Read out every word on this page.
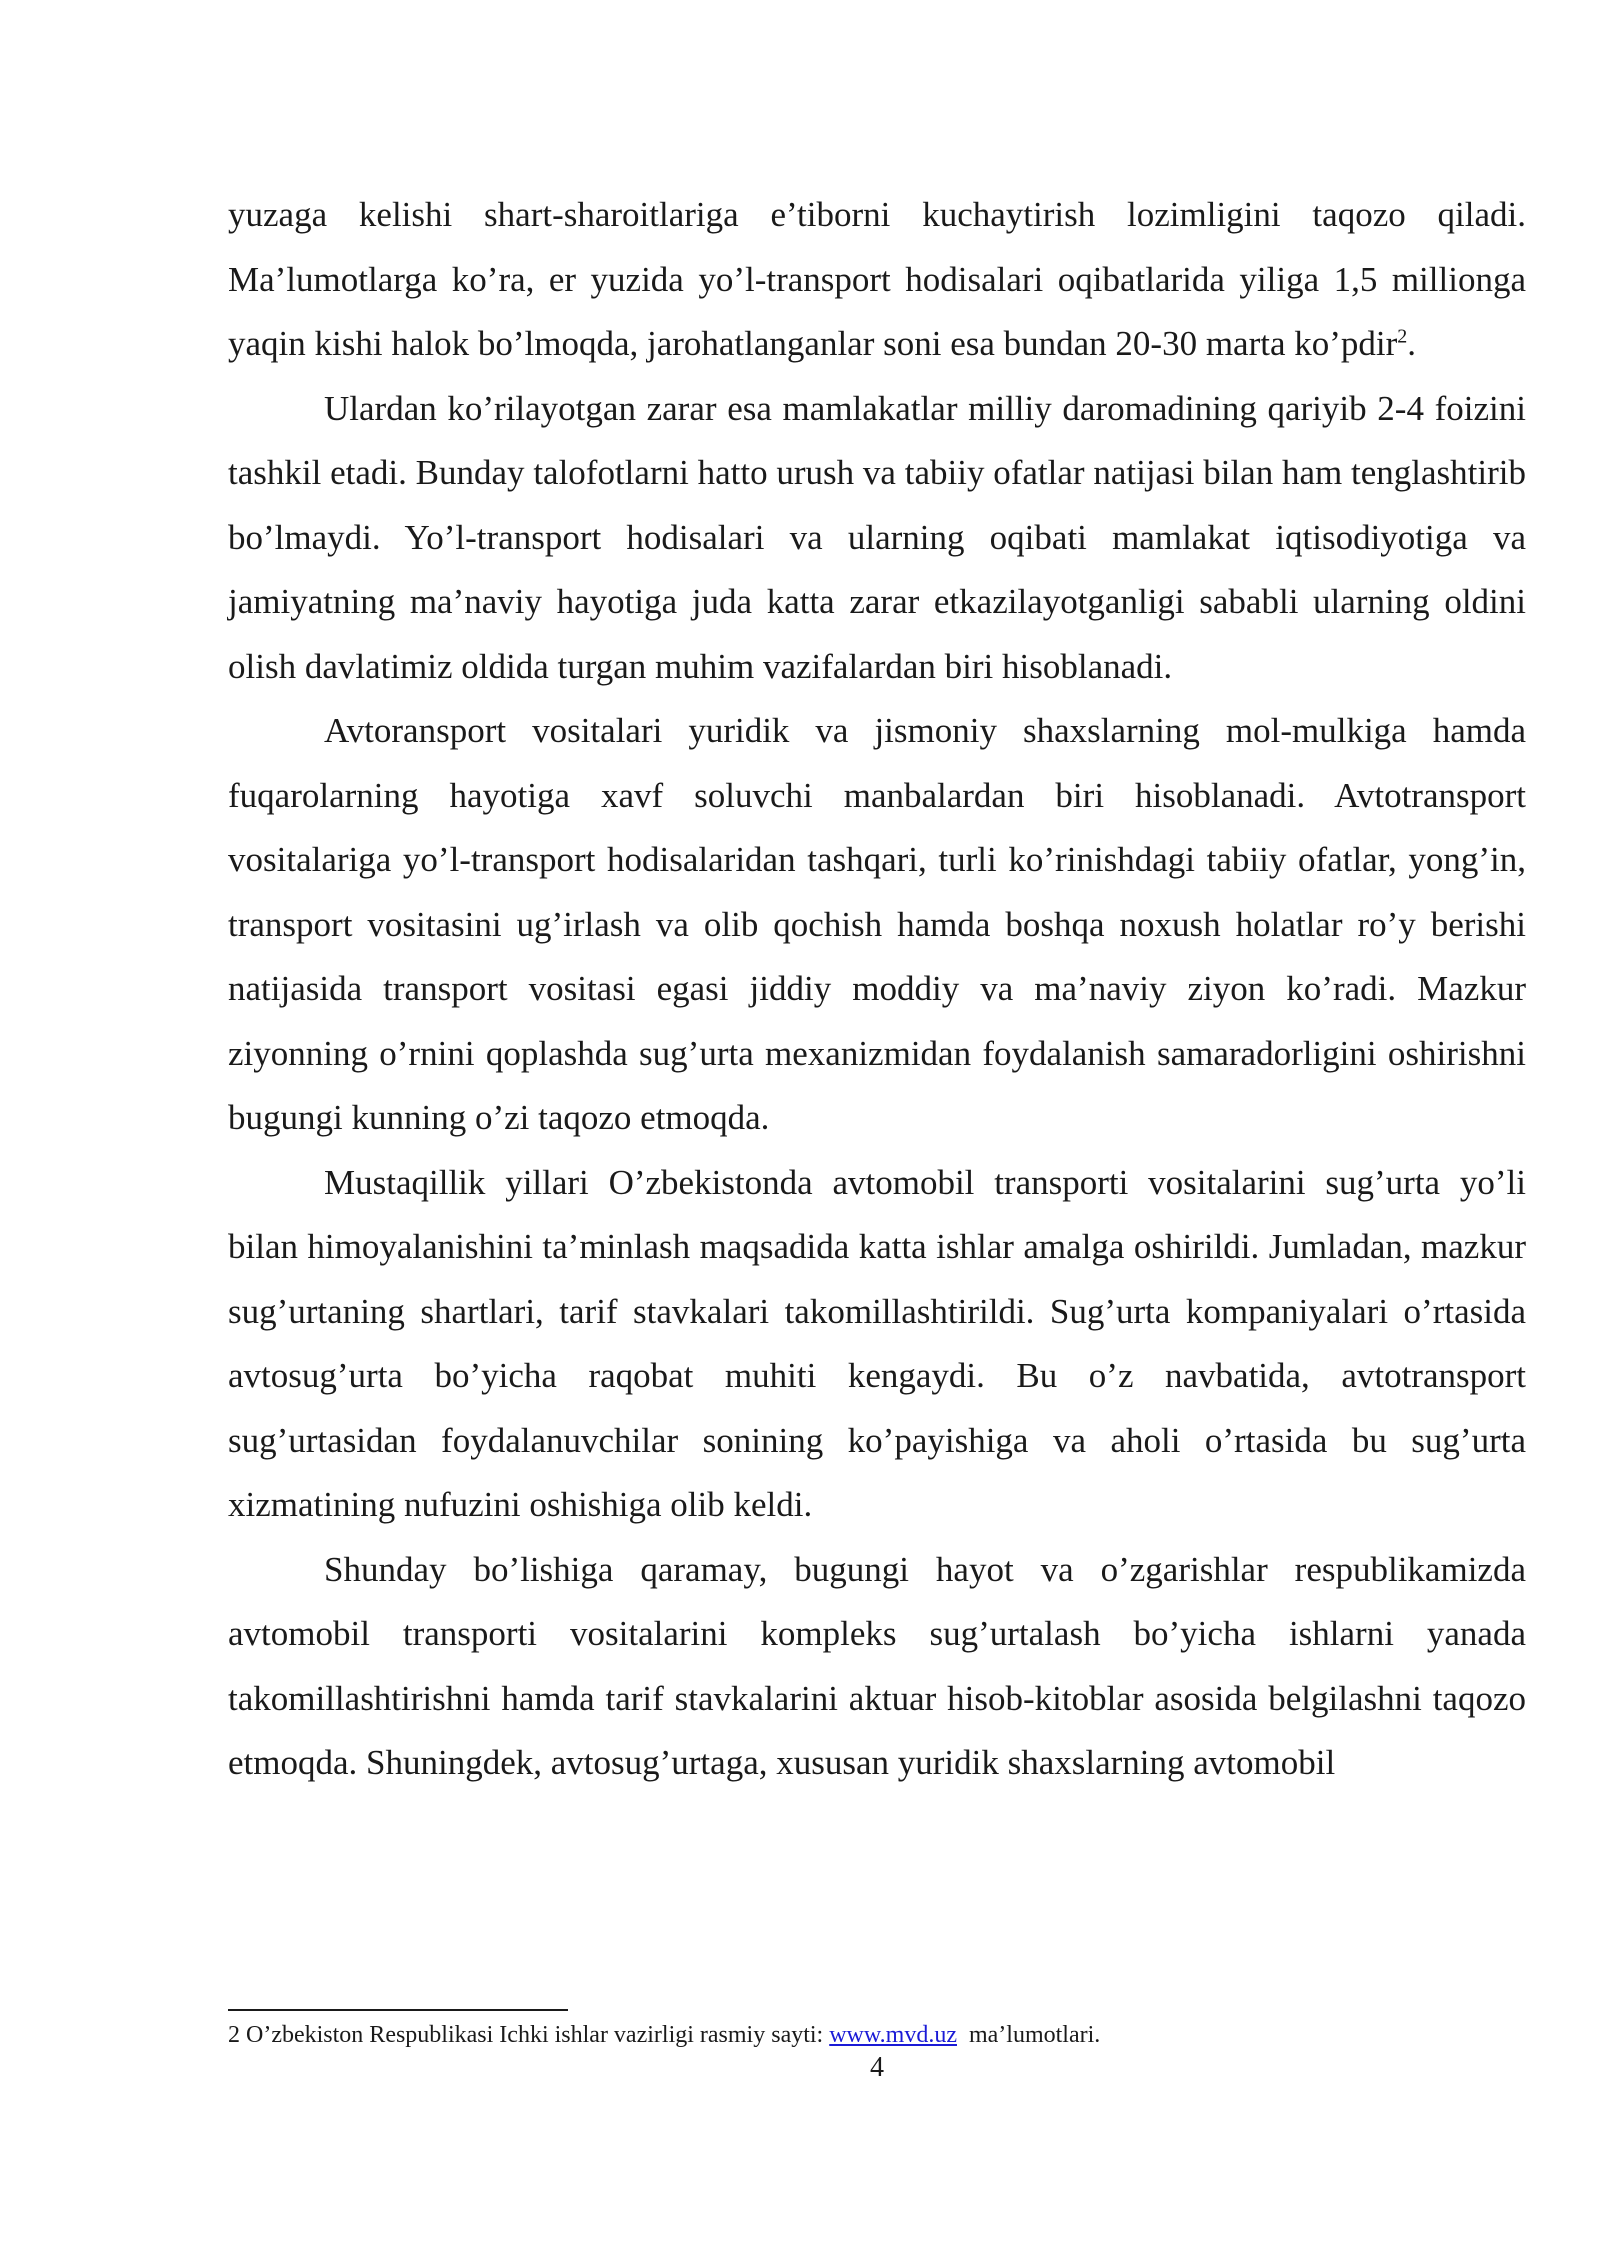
yuzaga kelishi shart-sharoitlariga e’tiborni kuchaytirish lozimligini taqozo qiladi. Ma’lumotlarga ko’ra, er yuzida yo’l-transport hodisalari oqibatlarida yiliga 1,5 millionga yaqin kishi halok bo’lmoqda, jarohatlanganlar soni esa bundan 20-30 marta ko’pdir$^2$.

Ulardan ko’rilayotgan zarar esa mamlakatlar milliy daromadining qariyib 2-4 foizini tashkil etadi. Bunday talofotlarni hatto urush va tabiiy ofatlar natijasi bilan ham tenglashtirib bo’lmaydi. Yo’l-transport hodisalari va ularning oqibati mamlakat iqtisodiyotiga va jamiyatning ma’naviy hayotiga juda katta zarar etkazilayotganligi sababli ularning oldini olish davlatimiz oldida turgan muhim vazifalardan biri hisoblanadi.

Avtoransport vositalari yuridik va jismoniy shaxslarning mol-mulkiga hamda fuqarolarning hayotiga xavf soluvchi manbalardan biri hisoblanadi. Avtotransport vositalariga yo’l-transport hodisalaridan tashqari, turli ko’rinishdagi tabiiy ofatlar, yong’in, transport vositasini ug’irlash va olib qochish hamda boshqa noxush holatlar ro’y berishi natijasida transport vositasi egasi jiddiy moddiy va ma’naviy ziyon ko’radi. Mazkur ziyonning o’rnini qoplashda sug’urta mexanizmidan foydalanish samaradorligini oshirishni bugungi kunning o’zi taqozo etmoqda.

Mustaqillik yillari O’zbekistonda avtomobil transporti vositalarini sug’urta yo’li bilan himoyalanishini ta’minlash maqsadida katta ishlar amalga oshirildi. Jumladan, mazkur sug’urtaning shartlari, tarif stavkalari takomillashtirildi. Sug’urta kompaniyalari o’rtasida avtosug’urta bo’yicha raqobat muhiti kengaydi. Bu o’z navbatida, avtotransport sug’urtasidan foydalanuvchilar sonining ko’payishiga va aholi o’rtasida bu sug’urta xizmatining nufuzini oshishiga olib keldi.

Shunday bo’lishiga qaramay, bugungi hayot va o’zgarishlar respublikamizda avtomobil transporti vositalarini kompleks sug’urtalash bo’yicha ishlarni yanada takomillashtirishni hamda tarif stavkalarini aktuar hisob-kitoblar asosida belgilashni taqozo etmoqda. Shuningdek, avtosug’urtaga, xususan yuridik shaxslarning avtomobil

2 O’zbekiston Respublikasi Ichki ishlar vazirligi rasmiy sayti: www.mvd.uz ma’lumotlari.
4
